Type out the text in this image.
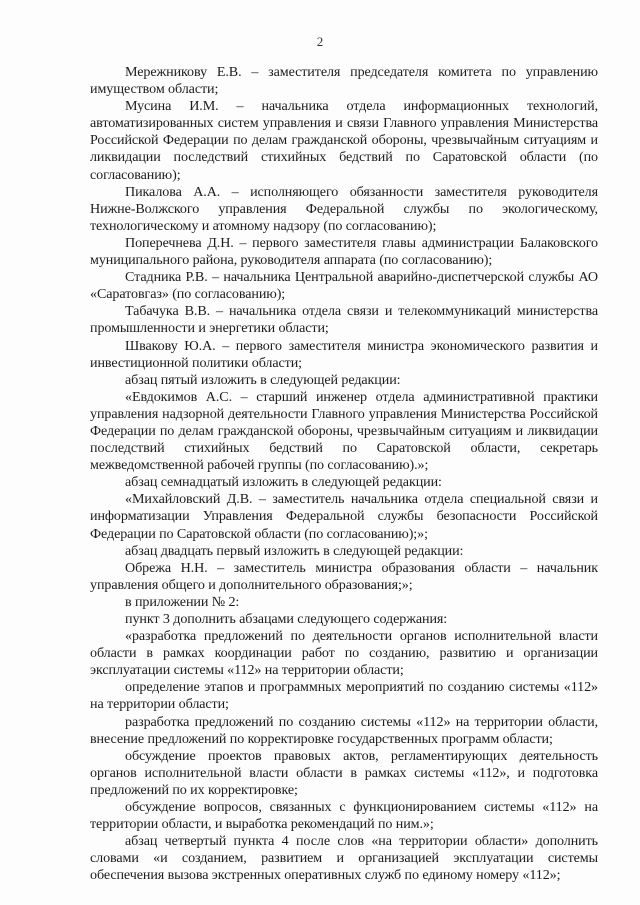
2

Мережникову Е.В. – заместителя председателя комитета по управлению имуществом области;

Мусина И.М. – начальника отдела информационных технологий, автоматизированных систем управления и связи Главного управления Министерства Российской Федерации по делам гражданской обороны, чрезвычайным ситуациям и ликвидации последствий стихийных бедствий по Саратовской области (по согласованию);

Пикалова А.А. – исполняющего обязанности заместителя руководителя Нижне-Волжского управления Федеральной службы по экологическому, технологическому и атомному надзору (по согласованию);

Поперечнева Д.Н. – первого заместителя главы администрации Балаковского муниципального района, руководителя аппарата (по согласованию);

Стадника Р.В. – начальника Центральной аварийно-диспетчерской службы АО «Саратовгаз» (по согласованию);

Табачука В.В. – начальника отдела связи и телекоммуникаций министерства промышленности и энергетики области;

Швакову Ю.А. – первого заместителя министра экономического развития и инвестиционной политики области;

абзац пятый изложить в следующей редакции:

«Евдокимов А.С. – старший инженер отдела административной практики управления надзорной деятельности Главного управления Министерства Российской Федерации по делам гражданской обороны, чрезвычайным ситуациям и ликвидации последствий стихийных бедствий по Саратовской области, секретарь межведомственной рабочей группы (по согласованию).»;

абзац семнадцатый изложить в следующей редакции:

«Михайловский Д.В. – заместитель начальника отдела специальной связи и информатизации Управления Федеральной службы безопасности Российской Федерации по Саратовской области (по согласованию);»;

абзац двадцать первый изложить в следующей редакции:

Обрежа Н.Н. – заместитель министра образования области – начальник управления общего и дополнительного образования;»;

в приложении № 2:

пункт 3 дополнить абзацами следующего содержания:

«разработка предложений по деятельности органов исполнительной власти области в рамках координации работ по созданию, развитию и организации эксплуатации системы «112» на территории области;

определение этапов и программных мероприятий по созданию системы «112» на территории области;

разработка предложений по созданию системы «112» на территории области, внесение предложений по корректировке государственных программ области;

обсуждение проектов правовых актов, регламентирующих деятельность органов исполнительной власти области в рамках системы «112», и подготовка предложений по их корректировке;

обсуждение вопросов, связанных с функционированием системы «112» на территории области, и выработка рекомендаций по ним.»;

абзац четвертый пункта 4 после слов «на территории области» дополнить словами «и созданием, развитием и организацией эксплуатации системы обеспечения вызова экстренных оперативных служб по единому номеру «112»;
